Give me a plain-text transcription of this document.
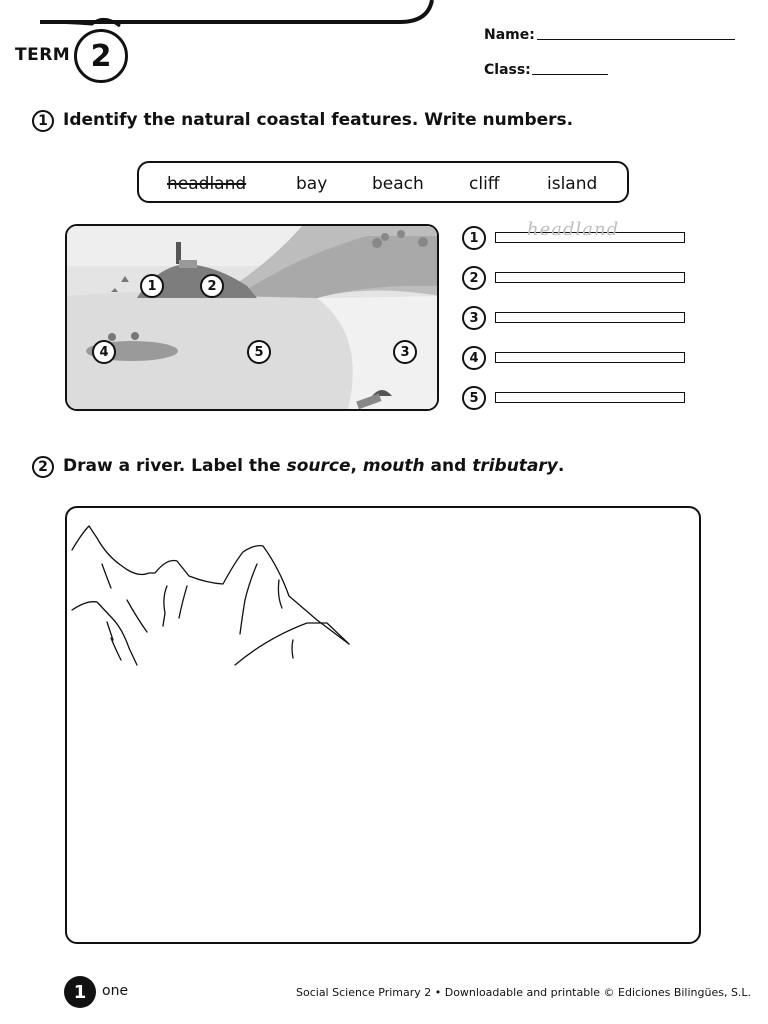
TERM 2
Name:
Class:
1 Identify the natural coastal features. Write numbers.
headland	bay	beach	cliff	island
1	2
3
4	5
1	headland
2
3
4
5
2 Draw a river. Label the source, mouth and tributary.
1	one	Social Science Primary 2 • Downloadable and printable © Ediciones Bilingües, S.L.
